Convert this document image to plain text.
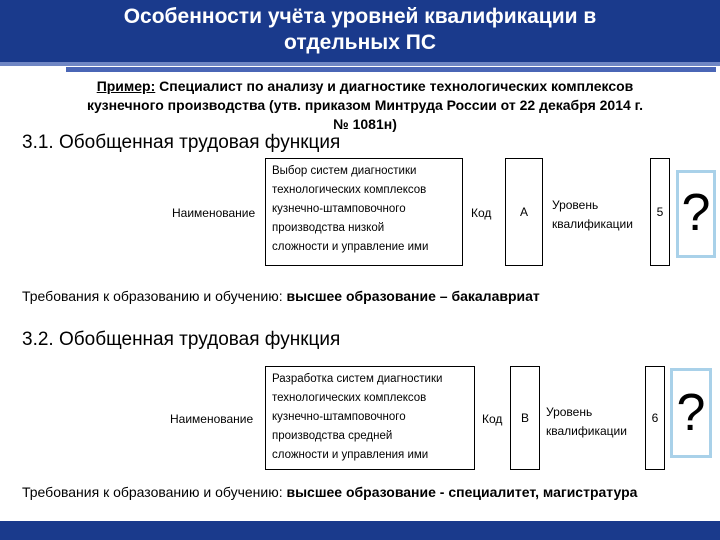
Особенности учёта уровней квалификации в
отдельных ПС
Пример: Специалист по анализу и диагностике технологических комплексов
кузнечного производства (утв. приказом Минтруда России от 22 декабря 2014 г.
№ 1081н)
3.1. Обобщенная трудовая функция
Наименование
Выбор систем диагностики
технологических комплексов
кузнечно-штамповочного
производства низкой
сложности и управление ими
Код А Уровень
квалификации
5 ?
Требования к образованию и обучению: высшее образование – бакалавриат
3.2. Обобщенная трудовая функция
Наименование
Разработка систем диагностики
технологических комплексов
кузнечно-штамповочного
производства средней
сложности и управления ими
Код В Уровень
квалификации
6 ?
Требования к образованию и обучению: высшее образование - специалитет, магистратура
